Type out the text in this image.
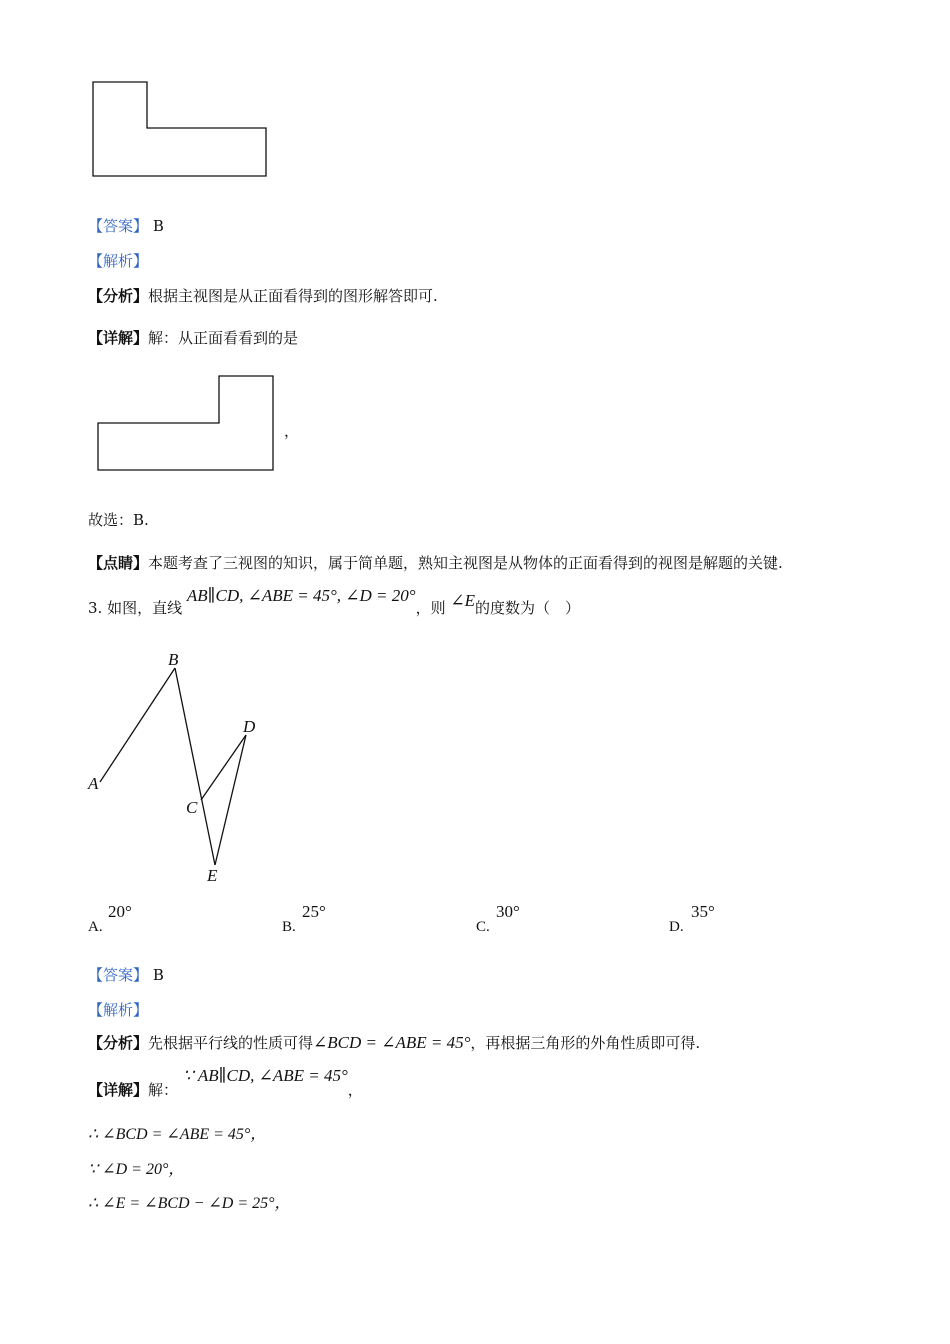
【答案】 B
【解析】
【分析】根据主视图是从正面看得到的图形解答即可.
【详解】解：从正面看看到的是
，
故选：B.
【点睛】本题考查了三视图的知识，属于简单题，熟知主视图是从物体的正面看得到的视图是解题的关键.
3. 如图，直线 AB∥CD, ∠ABE = 45°, ∠D = 20°，则 ∠E的度数为（　）
A
B
C
D
E
A.
20°
B.
25°
C.
30°
D.
35°
【答案】 B
【解析】
【分析】先根据平行线的性质可得∠BCD = ∠ABE = 45°，再根据三角形的外角性质即可得.
【详解】解： ∵ AB∥CD, ∠ABE = 45°，
∴ ∠BCD = ∠ABE = 45°，
∵ ∠D = 20°，
∴ ∠E = ∠BCD − ∠D = 25°，
